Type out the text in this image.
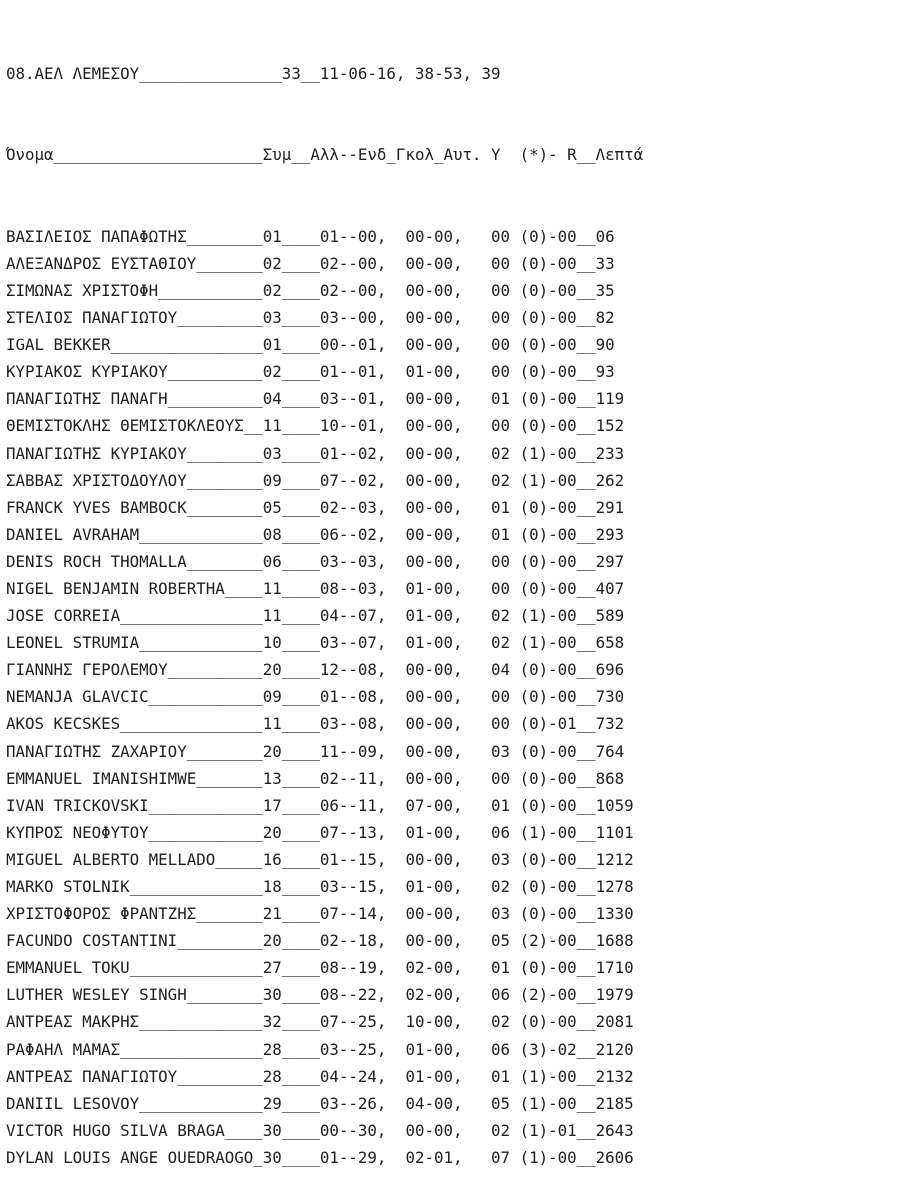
08.ΑΕΛ ΛΕΜΕΣΟΥ_______________33__11-06-16, 38-53, 39

Όνομα______________________Συμ__Αλλ--Ενδ_Γκολ_Αυτ. Υ  (*)- R__Λεπτά

ΒΑΣΙΛΕΙΟΣ ΠΑΠΑΦΩΤΗΣ________01____01--00,  00-00,   00 (0)-00__06
ΑΛΕΞΑΝΔΡΟΣ ΕΥΣΤΑΘΙΟΥ_______02____02--00,  00-00,   00 (0)-00__33
ΣΙΜΩΝΑΣ ΧΡΙΣΤΟΦΗ___________02____02--00,  00-00,   00 (0)-00__35
ΣΤΕΛΙΟΣ ΠΑΝΑΓΙΩΤΟΥ_________03____03--00,  00-00,   00 (0)-00__82
IGAL BEKKER________________01____00--01,  00-00,   00 (0)-00__90
ΚΥΡΙΑΚΟΣ ΚΥΡΙΑΚΟΥ__________02____01--01,  01-00,   00 (0)-00__93
ΠΑΝΑΓΙΩΤΗΣ ΠΑΝΑΓΗ__________04____03--01,  00-00,   01 (0)-00__119
ΘΕΜΙΣΤΟΚΛΗΣ ΘΕΜΙΣΤΟΚΛΕΟΥΣ__11____10--01,  00-00,   00 (0)-00__152
ΠΑΝΑΓΙΩΤΗΣ ΚΥΡΙΑΚΟΥ________03____01--02,  00-00,   02 (1)-00__233
ΣΑΒΒΑΣ ΧΡΙΣΤΟΔΟΥΛΟΥ________09____07--02,  00-00,   02 (1)-00__262
FRANCK YVES BAMBOCK________05____02--03,  00-00,   01 (0)-00__291
DANIEL AVRAHAM_____________08____06--02,  00-00,   01 (0)-00__293
DENIS ROCH THOMALLA________06____03--03,  00-00,   00 (0)-00__297
NIGEL BENJAMIN ROBERTHA____11____08--03,  01-00,   00 (0)-00__407
JOSE CORREIA_______________11____04--07,  01-00,   02 (1)-00__589
LEONEL STRUMIA_____________10____03--07,  01-00,   02 (1)-00__658
ΓΙΑΝΝΗΣ ΓΕΡΟΛΕΜΟΥ__________20____12--08,  00-00,   04 (0)-00__696
NEMANJA GLAVCIC____________09____01--08,  00-00,   00 (0)-00__730
AKOS KECSKES_______________11____03--08,  00-00,   00 (0)-01__732
ΠΑΝΑΓΙΩΤΗΣ ΖΑΧΑΡΙΟΥ________20____11--09,  00-00,   03 (0)-00__764
EMMANUEL IMANISHIMWE_______13____02--11,  00-00,   00 (0)-00__868
IVAN TRICKOVSKI____________17____06--11,  07-00,   01 (0)-00__1059
ΚΥΠΡΟΣ ΝΕΟΦΥΤΟΥ____________20____07--13,  01-00,   06 (1)-00__1101
MIGUEL ALBERTO MELLADO_____16____01--15,  00-00,   03 (0)-00__1212
MARKO STOLNIK______________18____03--15,  01-00,   02 (0)-00__1278
ΧΡΙΣΤΟΦΟΡΟΣ ΦΡΑΝΤΖΗΣ_______21____07--14,  00-00,   03 (0)-00__1330
FACUNDO COSTANTINI_________20____02--18,  00-00,   05 (2)-00__1688
EMMANUEL TOKU______________27____08--19,  02-00,   01 (0)-00__1710
LUTHER WESLEY SINGH________30____08--22,  02-00,   06 (2)-00__1979
ΑΝΤΡΕΑΣ ΜΑΚΡΗΣ_____________32____07--25,  10-00,   02 (0)-00__2081
ΡΑΦΑΗΛ ΜΑΜΑΣ_______________28____03--25,  01-00,   06 (3)-02__2120
ΑΝΤΡΕΑΣ ΠΑΝΑΓΙΩΤΟΥ_________28____04--24,  01-00,   01 (1)-00__2132
DANIIL LESOVOY_____________29____03--26,  04-00,   05 (1)-00__2185
VICTOR HUGO SILVA BRAGA____30____00--30,  00-00,   02 (1)-01__2643
DYLAN LOUIS ANGE OUEDRAOGO_30____01--29,  02-01,   07 (1)-00__2606
